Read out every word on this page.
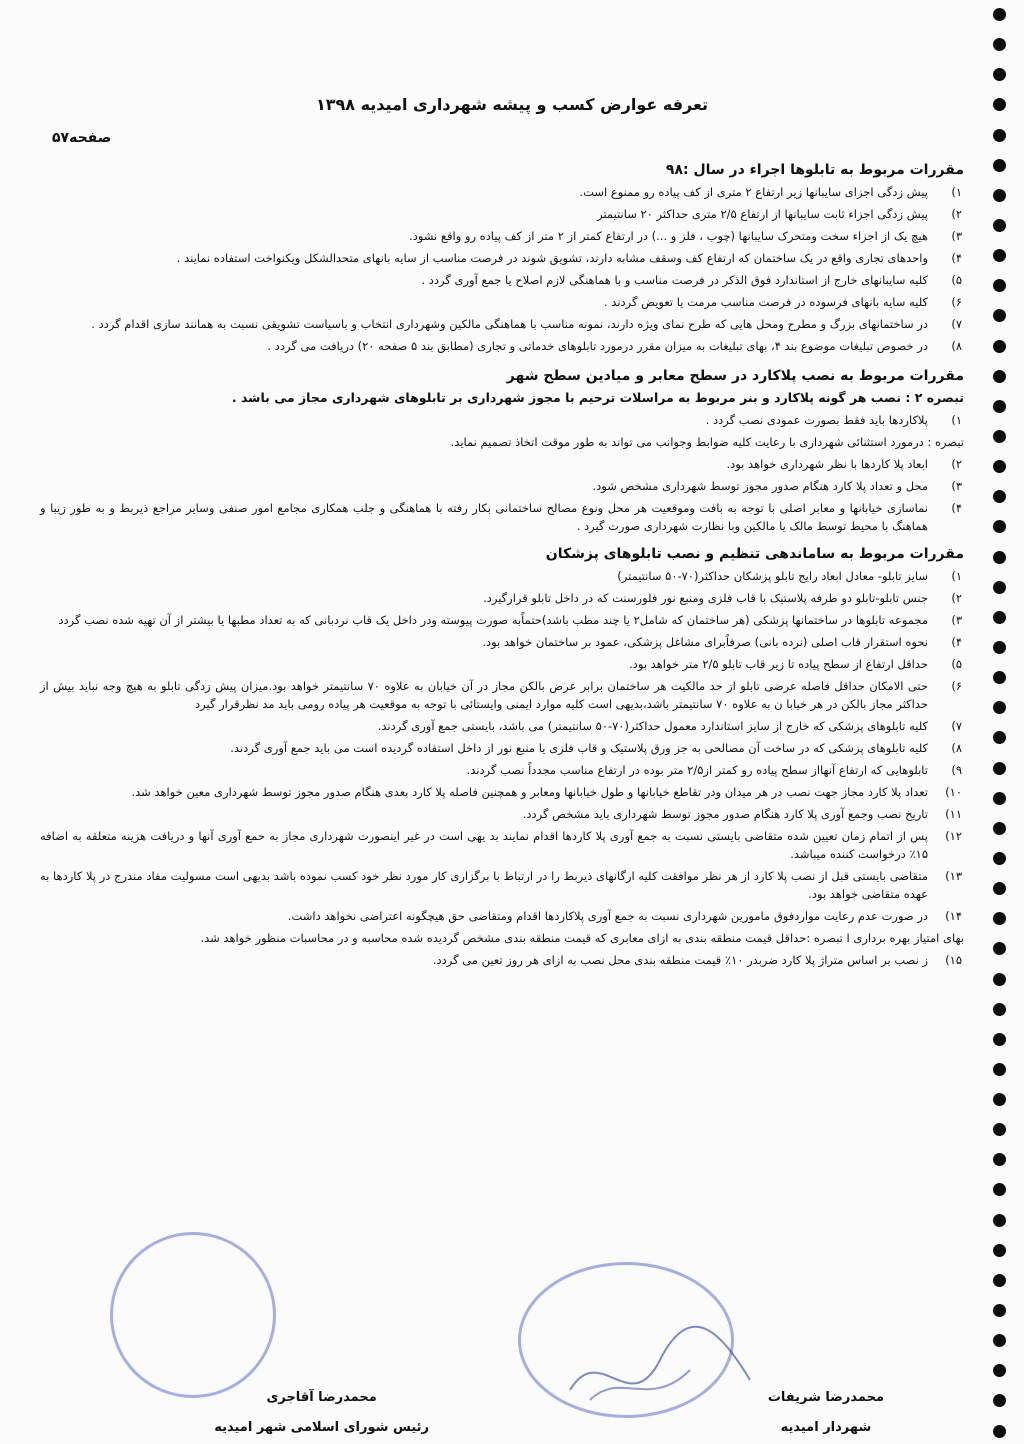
تعرفه عوارض کسب و پیشه شهرداری امیدیه ۱۳۹۸
صفحه۵۷
مقررات مربوط به تابلوها اجراء در سال :۹۸
۱)
پیش زدگی اجزای سایبانها زیر ارتفاع ۲ متری از کف پیاده رو ممنوع است.
۲)
پیش زدگی اجزاء ثابت سایبانها از ارتفاع ۲/۵ متری حداکثر ۲۰ سانتیمتر
۳)
هیچ یک از اجزاء سخت ومتحرک سایبانها (چوب ، فلز و ...) در ارتفاع کمتر از ۲ متر از کف پیاده رو واقع نشود.
۴)
واحدهای تجاری واقع در یک ساختمان که ارتفاع کف وسقف مشابه دارند، تشویق شوند در فرصت مناسب از سایه بانهای متحدالشکل ویکنواخت استفاده نمایند .
۵)
کلیه سایبانهای خارج از استاندارد فوق الذکر در فرصت مناسب و با هماهنگی لازم اصلاح یا جمع آوری گردد .
۶)
کلیه سایه بانهای فرسوده در فرصت مناسب مرمت یا تعویض گردند .
۷)
در ساختمانهای بزرگ و مطرح ومحل هایی که طرح نمای ویژه دارند، نمونه مناسب با هماهنگی مالکین وشهرداری انتخاب و باسیاست تشویقی نسبت به همانند سازی اقدام گردد .
۸)
در خصوص تبلیغات موضوع بند ۴، بهای تبلیغات به میزان مقرر درمورد تابلوهای خدماتی و تجاری (مطابق بند ۵ صفحه ۲۰) دریافت می گردد .
مقررات مربوط به نصب پلاکارد در سطح معابر و میادین سطح شهر
تبصره ۲ : نصب هر گونه پلاکارد و بنر مربوط به مراسلات ترحیم با مجوز شهرداری بر تابلوهای شهرداری مجاز می باشد .
۱)
پلاکاردها باید فقط بصورت عمودی نصب گردد .
تبصره : درمورد استثنائی شهرداری با رعایت کلیه ضوابط وجوانب می تواند به طور موقت اتخاذ تصمیم نماید.
۲)
ابعاد پلا کاردها با نظر شهرداری خواهد بود.
۳)
محل و تعداد پلا کارد هنگام صدور مجوز توسط شهرداری مشخص شود.
۴)
نماسازی خیابانها و معابر اصلی با توجه به بافت وموقعیت هر محل ونوع مصالح ساختمانی بکار رفته با هماهنگی و جلب همکاری مجامع امور صنفی وسایر مراجع ذیربط و به طور زیبا و هماهنگ با محیط توسط مالک یا مالکین وبا نظارت شهرداری صورت گیرد .
مقررات مربوط به ساماندهی تنظیم و نصب تابلوهای پزشکان
۱)
سایز تابلو- معادل ابعاد رایج تابلو پزشکان حداکثر(۷۰-۵۰ سانتیمتر)
۲)
جنس تابلو-تابلو دو طرفه پلاستیک با قاب فلزی ومنبع نور فلورسنت که در داخل تابلو قرارگیرد.
۳)
مجموعه تابلوها در ساختمانها پزشکی (هر ساختمان که شامل۲ یا چند مطب باشد)حتماًبه صورت پیوسته ودر داخل یک قاب نردبانی که به تعداد مطبها یا بیشتر از آن تهیه شده نصب گردد
۴)
نحوه استقرار قاب اصلی (نرده بانی) صرفاًبرای مشاغل پزشکی، عمود بر ساختمان خواهد بود.
۵)
حداقل ارتفاع از سطح پیاده تا زیر قاب تابلو ۲/۵ متر خواهد بود.
۶)
حتی الامکان حداقل فاصله عرضی تابلو از حد مالکیت هر ساختمان برابر عرض بالکن مجاز در آن خیابان به علاوه ۷۰ سانتیمتر خواهد بود.میزان پیش زدگی تابلو به هیچ وجه نباید بیش از حداکثر مجاز بالکن در هر خیابا ن به علاوه ۷۰ سانتیمتر باشد،بدیهی است کلیه موارد ایمنی وایستائی با توجه به موقعیت هر پیاده رومی باید مد نظرقرار گیرد
۷)
کلیه تابلوهای پزشکی که خارج از سایز استاندارد معمول حداکثر(۷۰-۵۰ سانتیمتر) می باشد، بایستی جمع آوری گردند.
۸)
کلیه تابلوهای پزشکی که در ساخت آن مصالحی به جز ورق پلاستیک و قاب فلزی یا منبع نور از داخل استفاده گردیده است می باید جمع آوری گردند.
۹)
تابلوهایی که ارتفاع آنهااز سطح پیاده رو کمتر از۲/۵ متر بوده در ارتفاع مناسب مجدداً نصب گردند.
۱۰)
تعداد پلا کارد مجاز جهت نصب در هر میدان ودر تقاطع خیابانها و طول خیابانها ومعابر و همچنین فاصله پلا کارد بعدی هنگام صدور مجوز توسط شهرداری معین خواهد شد.
۱۱)
تاریخ نصب وجمع آوری پلا کارد هنگام صدور مجوز توسط شهرداری باید مشخص گردد.
۱۲)
پس از اتمام زمان تعیین شده متقاضی بایستی نسبت به جمع آوری پلا کاردها اقدام نمایند بد یهی است در غیر اینصورت شهرداری مجاز به حمع آوری آنها و دریافت هزینه متعلقه به اضافه ۱۵٪ درخواست کننده میباشد.
۱۳)
متقاضی بایستی قبل از نصب پلا کارد از هر نظر موافقت کلیه ارگانهای ذیربط را در ارتباط با برگزاری کار مورد نظر خود کسب نموده باشد بدیهی است مسولیت مفاد مندرج در پلا کاردها به عهده متقاضی خواهد بود.
۱۴)
در صورت عدم رعایت مواردفوق مامورین شهرداری نسبت به جمع آوری پلاکاردها اقدام ومتقاضی حق هیچگونه اعتراضی نخواهد داشت.
بهای امتیاز بهره برداری ا تبصره :حداقل قیمت منطقه بندی به ازای معابری که قیمت منطقه بندی مشخص گردیده شده محاسبه و در محاسبات منظور خواهد شد.
۱۵)
ز نصب بر اساس متراژ پلا کارد ضربدر ۱۰٪ قیمت منطقه بندی محل نصب به ازای هر روز تعین می گردد.
محمدرضا شریفات
شهردار امیدیه
محمدرضا آقاجری
رئیس شورای اسلامی شهر امیدیه
